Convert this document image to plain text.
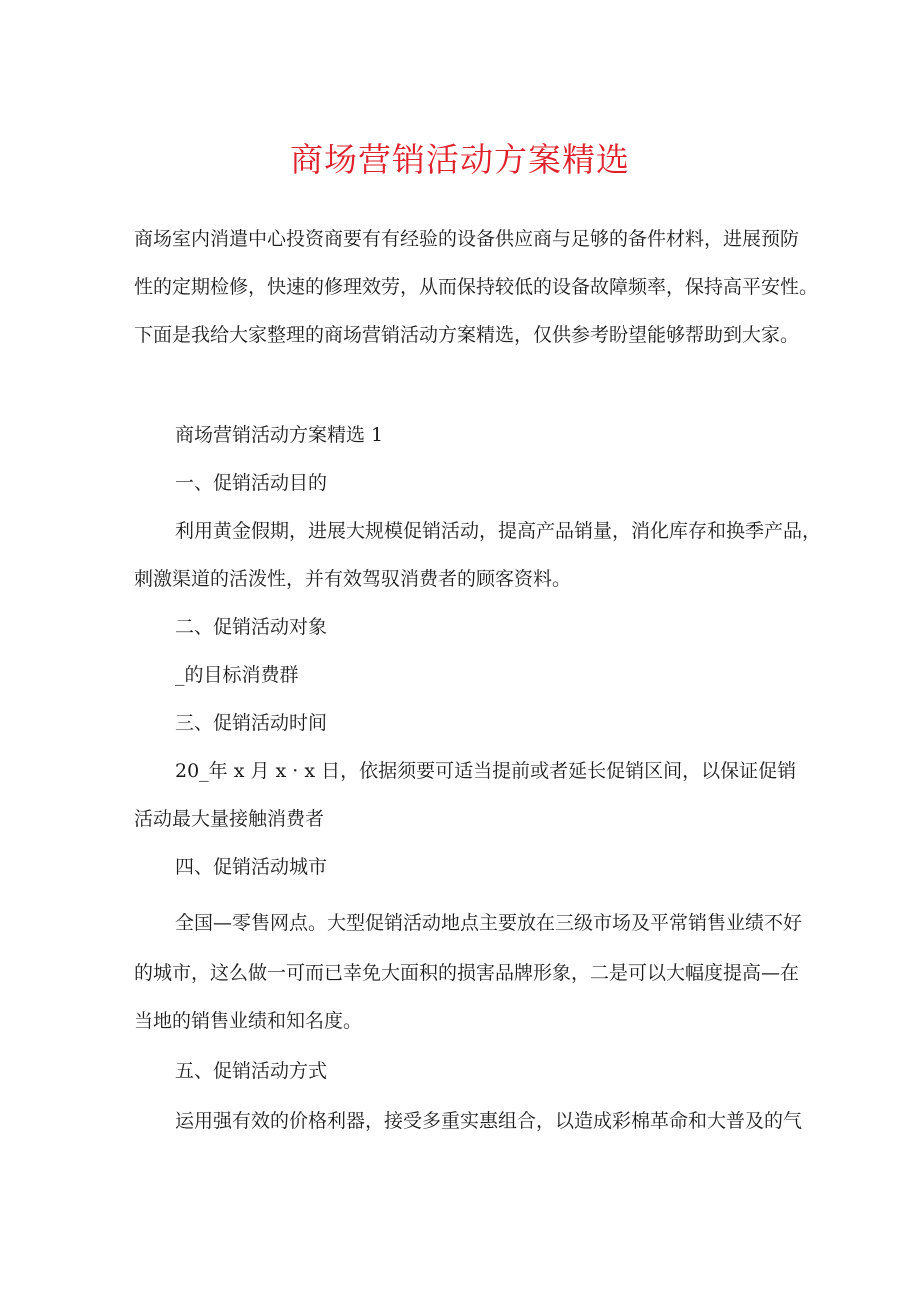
商场营销活动方案精选
商场室内消遣中心投资商要有有经验的设备供应商与足够的备件材料，进展预防
性的定期检修，快速的修理效劳，从而保持较低的设备故障频率，保持高平安性。
下面是我给大家整理的商场营销活动方案精选，仅供参考盼望能够帮助到大家。
商场营销活动方案精选 1
一、促销活动目的
利用黄金假期，进展大规模促销活动，提高产品销量，消化库存和换季产品，
刺激渠道的活泼性，并有效驾驭消费者的顾客资料。
二、促销活动对象
_的目标消费群
三、促销活动时间
20_年 x 月 x · x 日，依据须要可适当提前或者延长促销区间，以保证促销
活动最大量接触消费者
四、促销活动城市
全国—零售网点。大型促销活动地点主要放在三级市场及平常销售业绩不好
的城市，这么做一可而已幸免大面积的损害品牌形象，二是可以大幅度提高—在
当地的销售业绩和知名度。
五、促销活动方式
运用强有效的价格利器，接受多重实惠组合，以造成彩棉革命和大普及的气
